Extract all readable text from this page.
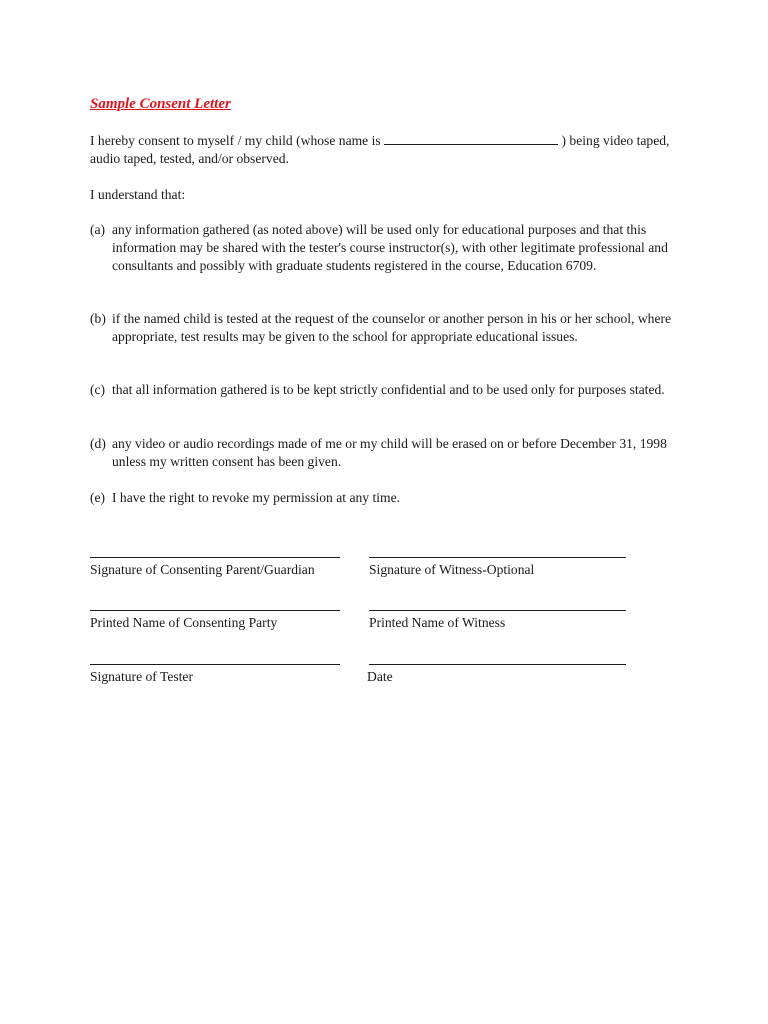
Sample Consent Letter

I hereby consent to myself / my child (whose name is	) being video taped, audio taped, tested, and/or observed.

I understand that:

(a) any information gathered (as noted above) will be used only for educational purposes and that this information may be shared with the tester's course instructor(s), with other legitimate professional and consultants and possibly with graduate students registered in the course, Education 6709.
(b) if the named child is tested at the request of the counselor or another person in his or her school, where appropriate, test results may be given to the school for appropriate educational issues.
(c) that all information gathered is to be kept strictly confidential and to be used only for purposes stated.
(d) any video or audio recordings made of me or my child will be erased on or before December 31, 1998 unless my written consent has been given.
(e) I have the right to revoke my permission at any time.
Signature of Consenting Parent/Guardian	Signature of Witness-Optional
Printed Name of Consenting Party	Printed Name of Witness
Signature of Tester	Date
